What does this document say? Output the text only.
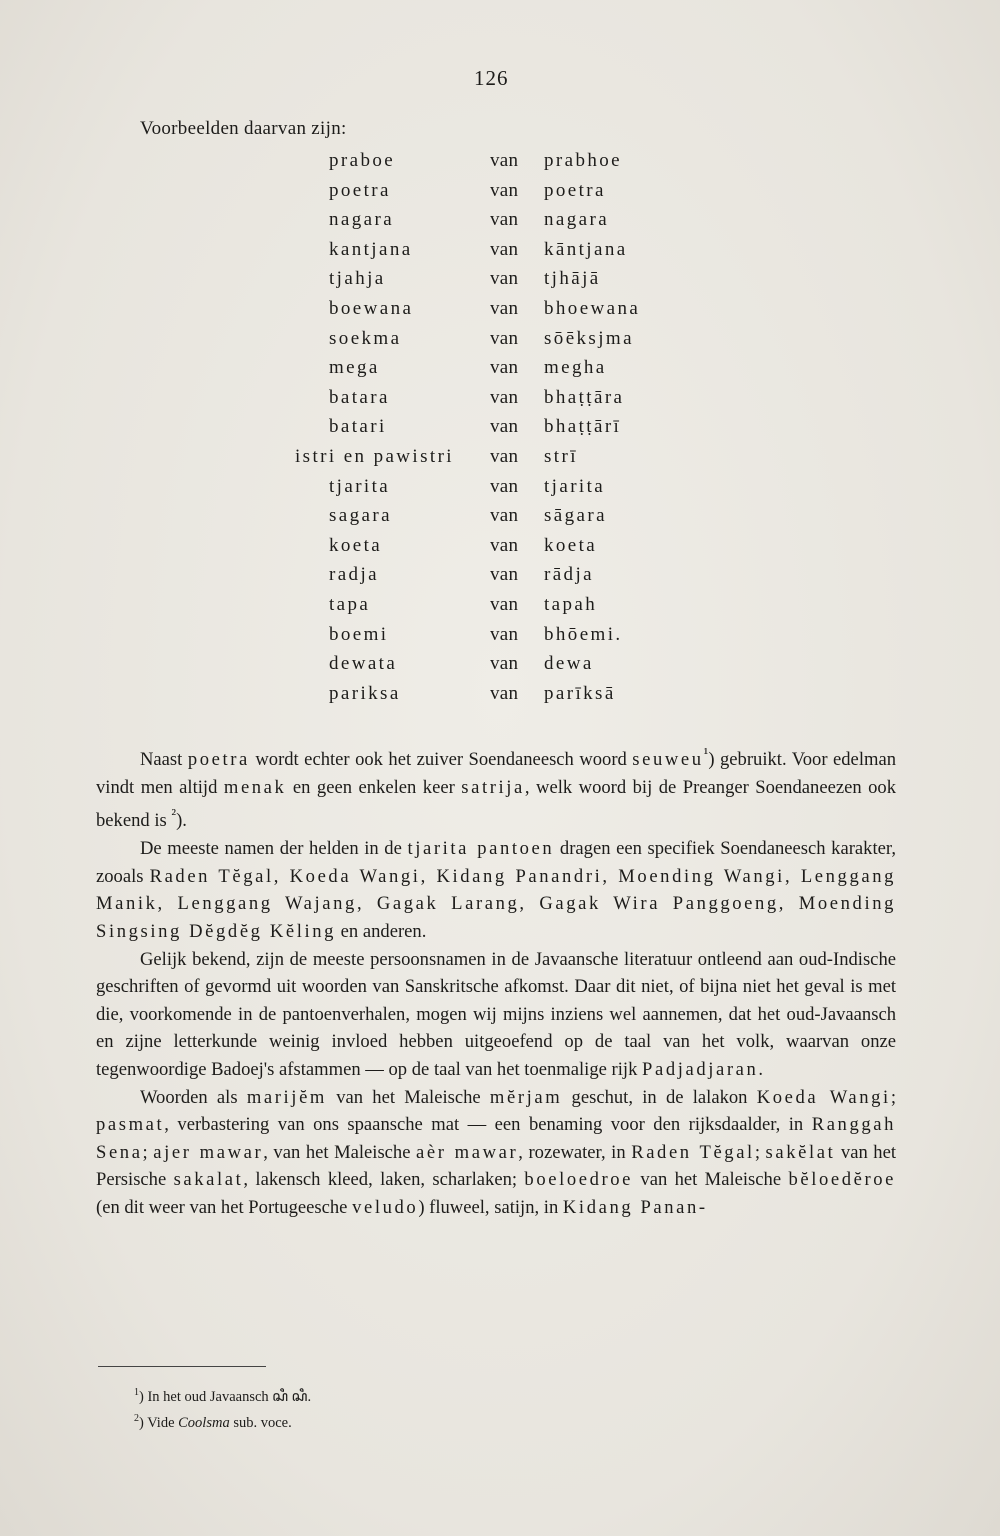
126
Voorbeelden daarvan zijn:
praboe	van prabhoe
poetra	van poetra
nagara	van nagara
kantjana	van kāntjana
tjahja	van tjhājā
boewana	van bhoewana
soekma	van sōēksjma
mega	van megha
batara	van bhaṭṭāra
batari	van bhaṭṭārī
istri en pawistri van strī
tjarita	van tjarita
sagara	van sāgara
koeta	van koeta
radja	van rādja
tapa	van tapah
boemi	van bhōemi.
dewata	van dewa
pariksa	van parīksā

Naast poetra wordt echter ook het zuiver Soendaneesch woord seuweu$^{^1}$) gebruikt. Voor edelman vindt men altijd menak en geen enkelen keer satrija, welk woord bij de Preanger Soendaneezen ook bekend is $^{^2}$).

De meeste namen der helden in de tjarita pantoen dragen een specifiek Soendaneesch karakter, zooals Raden Tĕgal, Koeda Wangi, Kidang Panandri, Moending Wangi, Lenggang Manik, Lenggang Wajang, Gagak Larang, Gagak Wira Panggoeng, Moending Singsing Dĕgdĕg Kĕling en anderen.

Gelijk bekend, zijn de meeste persoonsnamen in de Javaansche literatuur ontleend aan oud-Indische geschriften of gevormd uit woorden van Sanskritsche afkomst. Daar dit niet, of bijna niet het geval is met die, voorkomende in de pantoenverhalen, mogen wij mijns inziens wel aannemen, dat het oud-Javaansch en zijne letterkunde weinig invloed hebben uitgeoefend op de taal van het volk, waarvan onze tegenwoordige Badoej's afstammen — op de taal van het toenmalige rijk Padjadjaran.

Woorden als marijĕm van het Maleische mĕrjam geschut, in de lalakon Koeda Wangi; pasmat, verbastering van ons spaansche mat — een benaming voor den rijksdaalder, in Ranggah Sena; ajer mawar, van het Maleische aèr mawar, rozewater, in Raden Tĕgal; sakĕlat van het Persische sakalat, lakensch kleed, laken, scharlaken; boeloedroe van het Maleische bĕloedĕroe (en dit weer van het Portugeesche veludo) fluweel, satijn, in Kidang Panan-

$^1$) In het oud Javaansch ꦱꦶ ꦱꦶ.
$^2$) Vide Coolsma sub. voce.
